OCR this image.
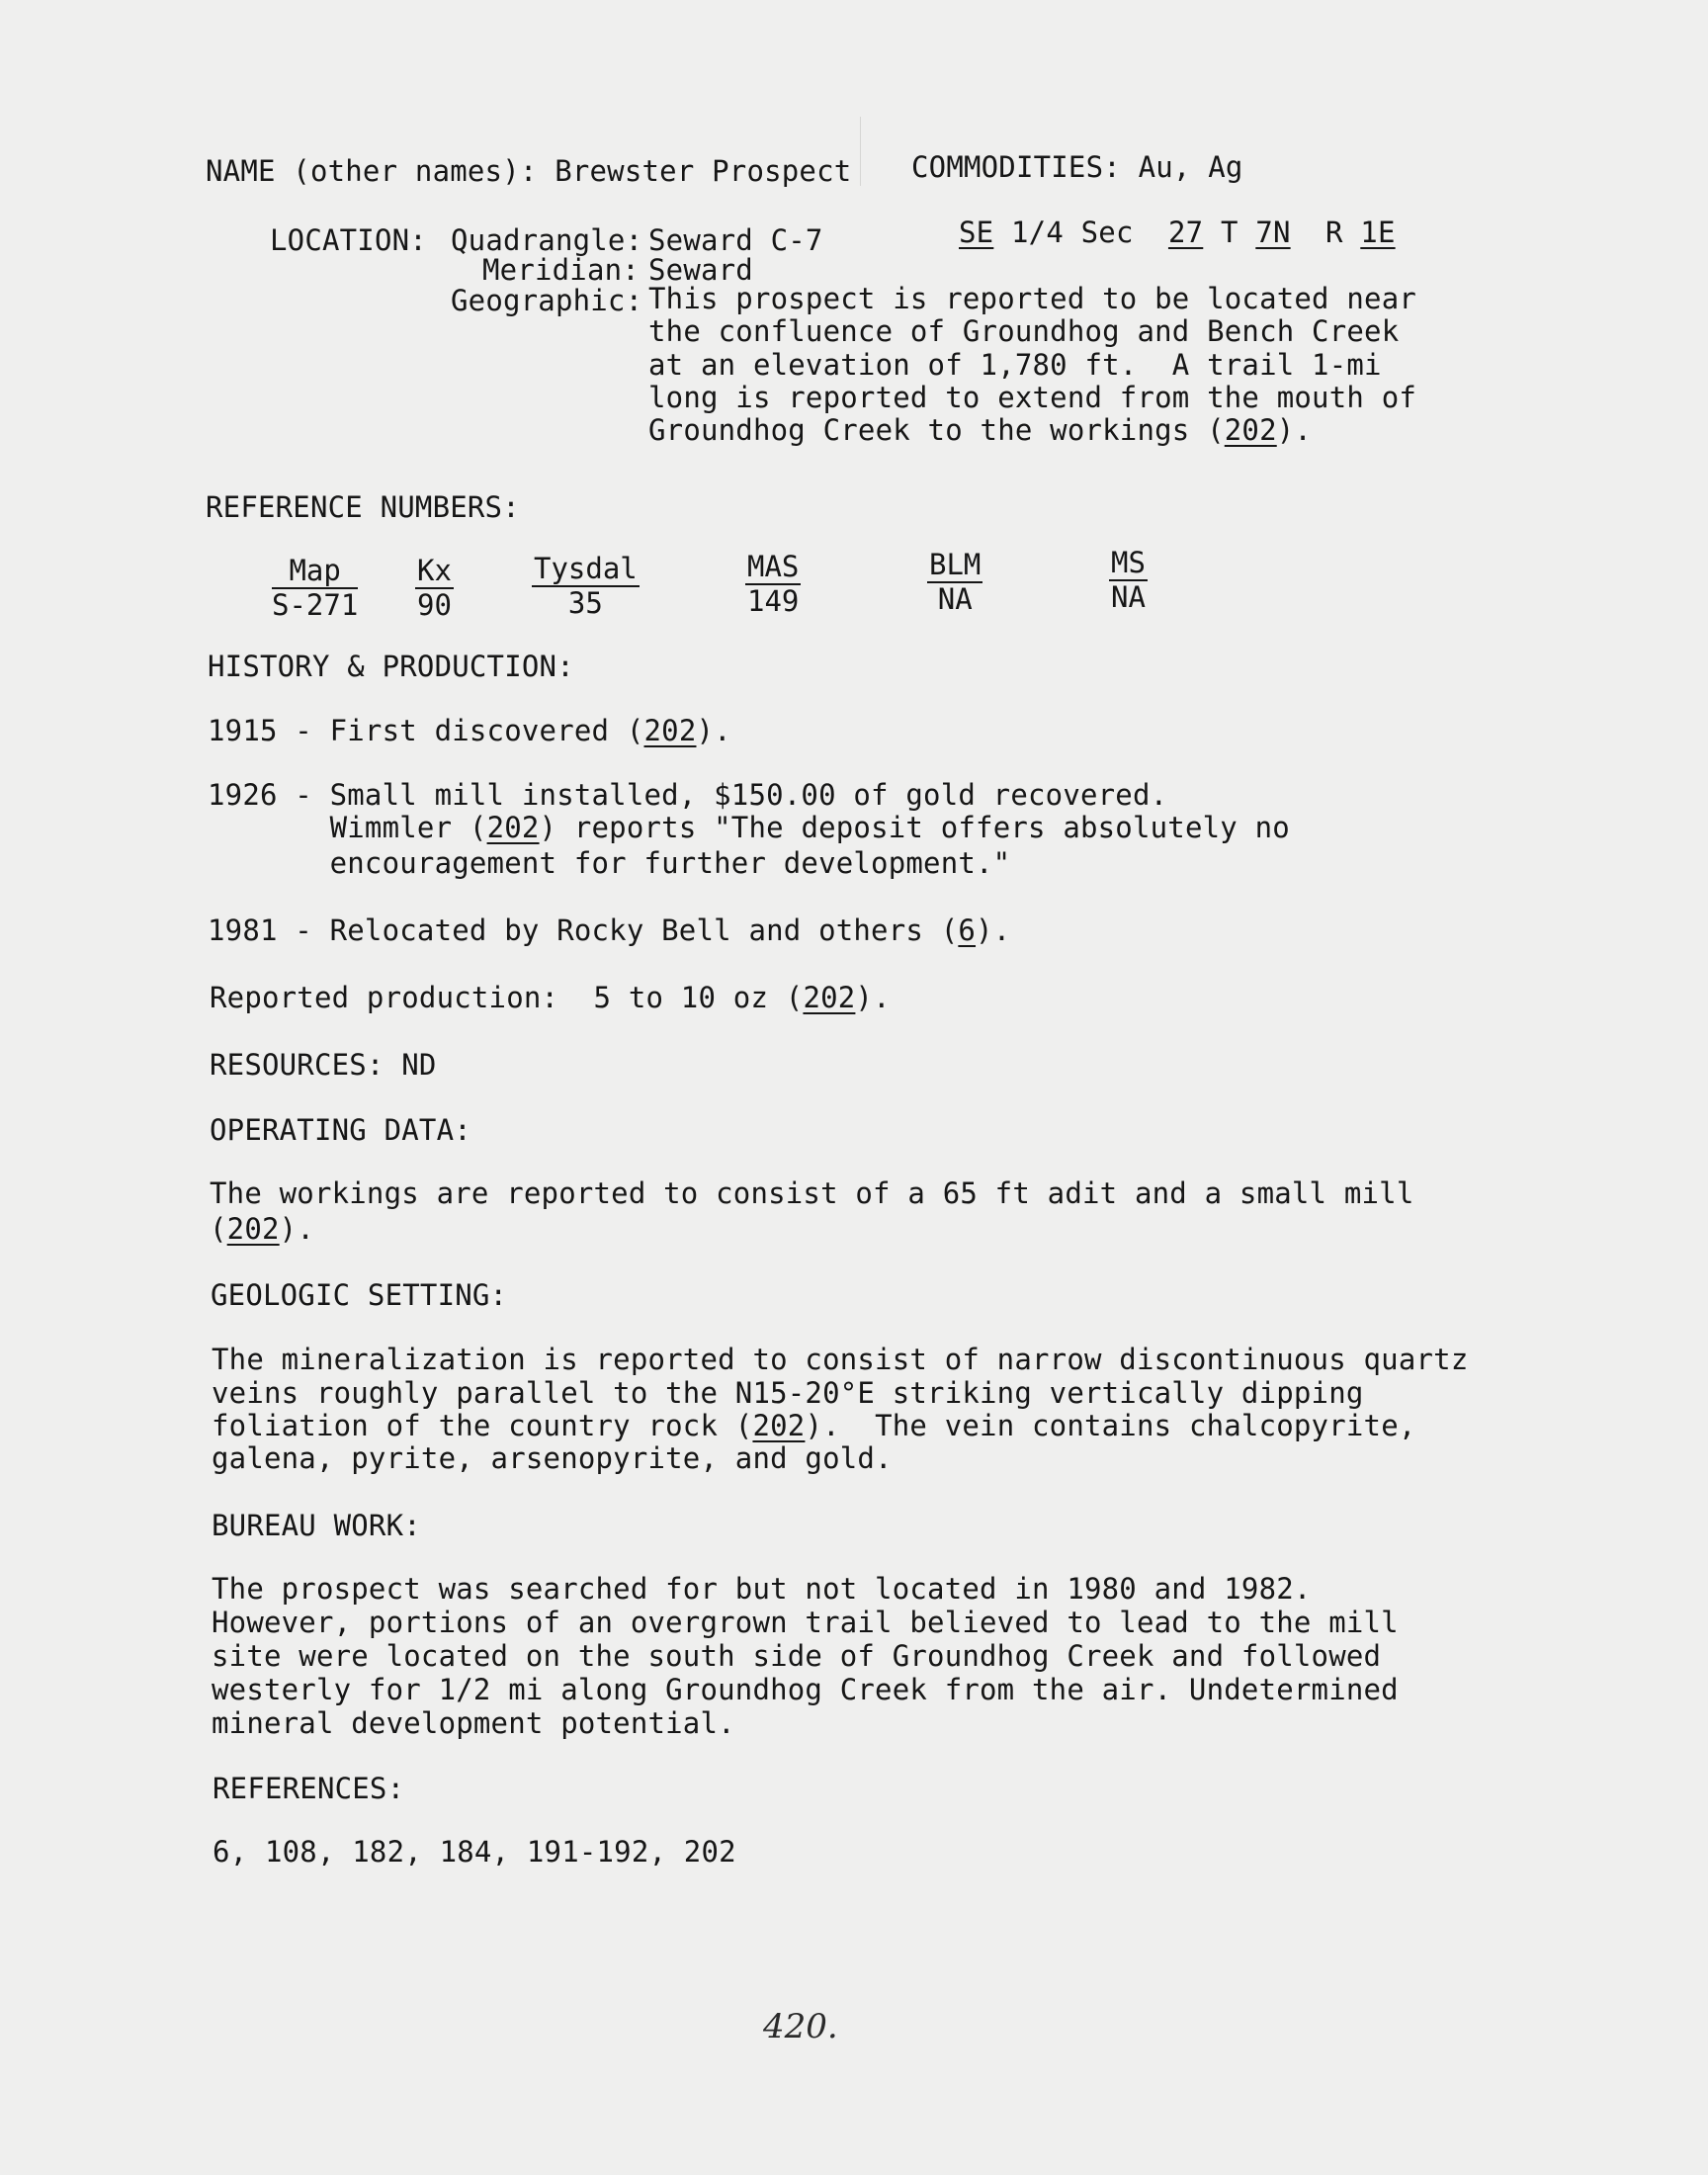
NAME (other names): Brewster Prospect COMMODITIES: Au, Ag
LOCATION: Quadrangle: Seward C-7	SE 1/4 Sec 27 T 7N R 1E
Meridian: Seward
Geographic: This prospect is reported to be located near
the confluence of Groundhog and Bench Creek
at an elevation of 1,780 ft.  A trail 1-mi
long is reported to extend from the mouth of
Groundhog Creek to the workings (202).
REFERENCE NUMBERS:
Map
S-271
Kx
90
Tysdal
35
MAS
149
BLM
NA
MS
NA
HISTORY & PRODUCTION:
1915 - First discovered (202).
1926 - Small mill installed, $150.00 of gold recovered.
Wimmler (202) reports "The deposit offers absolutely no
encouragement for further development."
1981 - Relocated by Rocky Bell and others (6).
Reported production:  5 to 10 oz (202).
RESOURCES: ND
OPERATING DATA:
The workings are reported to consist of a 65 ft adit and a small mill
(202).
GEOLOGIC SETTING:
The mineralization is reported to consist of narrow discontinuous quartz
veins roughly parallel to the N15-20°E striking vertically dipping
foliation of the country rock (202).  The vein contains chalcopyrite,
galena, pyrite, arsenopyrite, and gold.
BUREAU WORK:
The prospect was searched for but not located in 1980 and 1982.
However, portions of an overgrown trail believed to lead to the mill
site were located on the south side of Groundhog Creek and followed
westerly for 1/2 mi along Groundhog Creek from the air. Undetermined
mineral development potential.
REFERENCES:
6, 108, 182, 184, 191-192, 202
420.
